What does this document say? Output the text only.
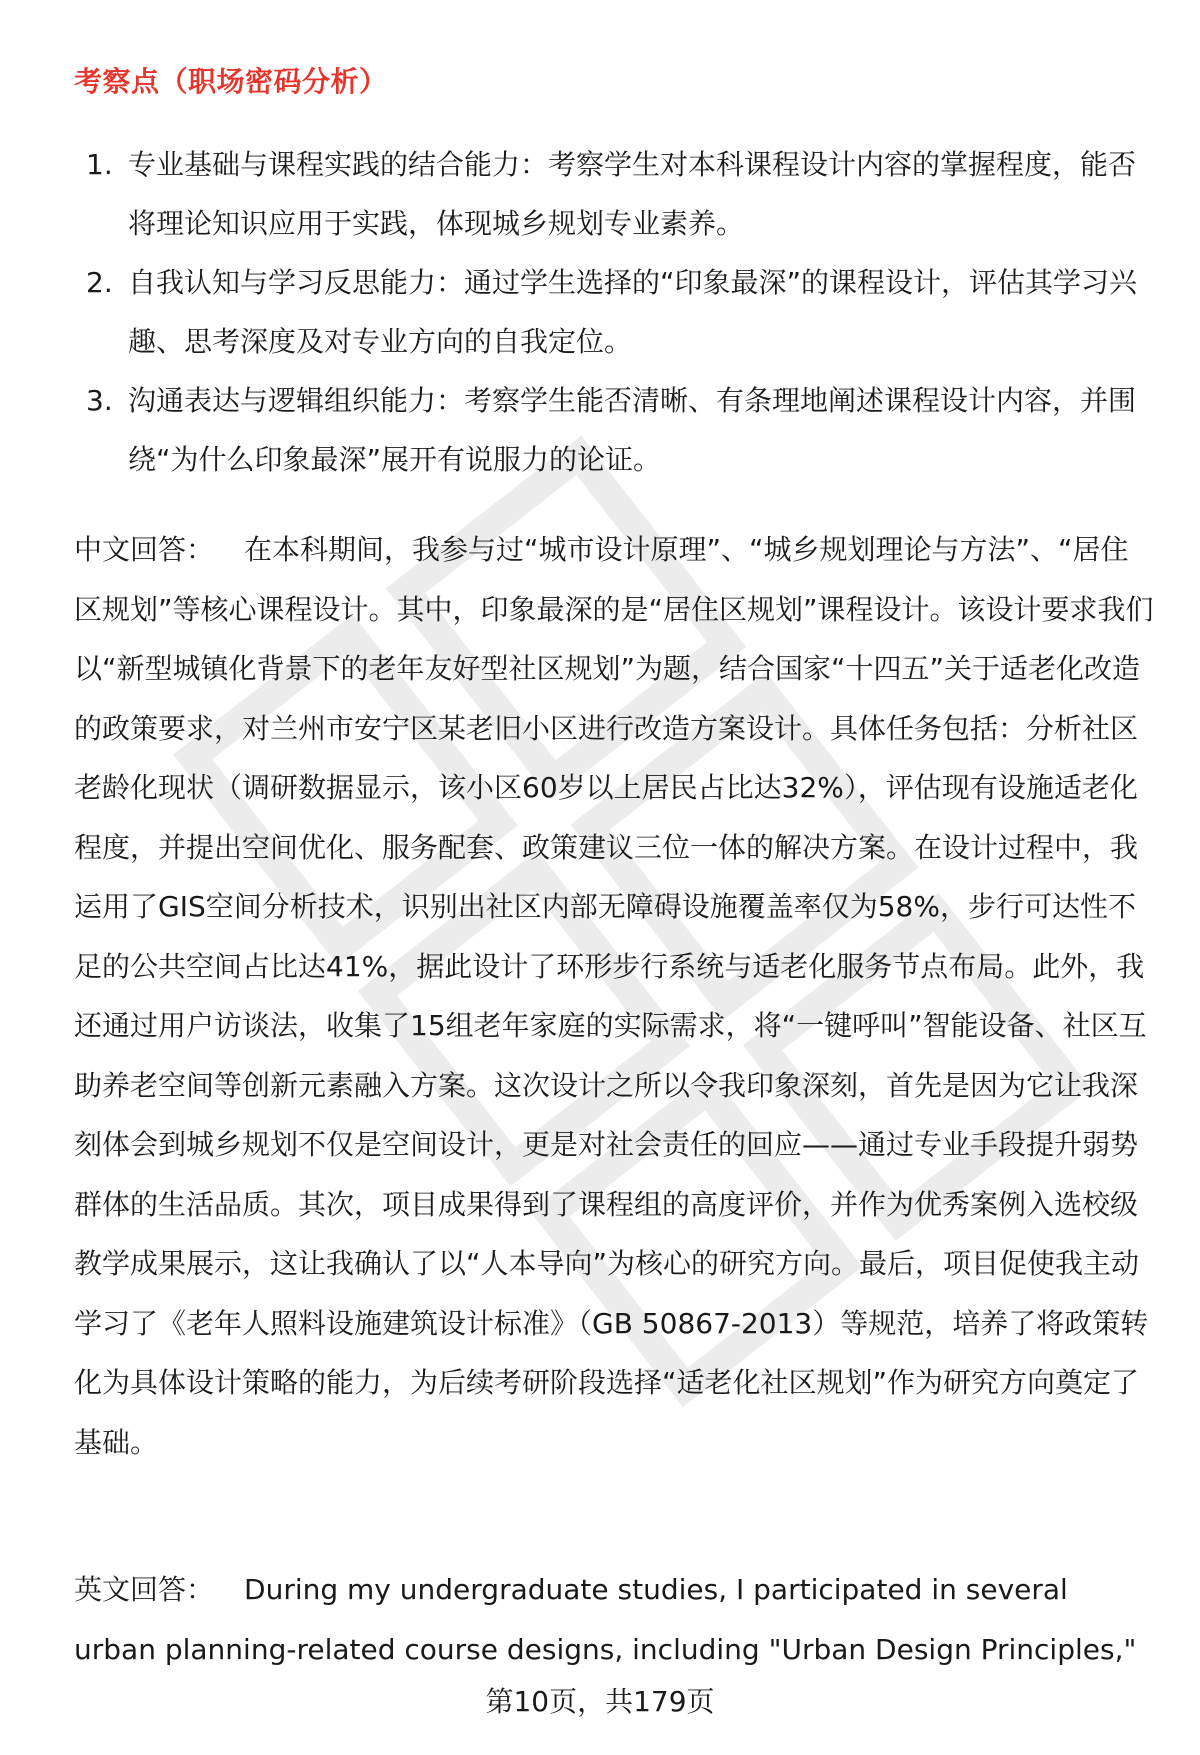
考察点（职场密码分析）
1. 专业基础与课程实践的结合能力：考察学生对本科课程设计内容的掌握程度，能否将理论知识应用于实践，体现城乡规划专业素养。
2. 自我认知与学习反思能力：通过学生选择的“印象最深”的课程设计，评估其学习兴趣、思考深度及对专业方向的自我定位。
3. 沟通表达与逻辑组织能力：考察学生能否清晰、有条理地阐述课程设计内容，并围绕“为什么印象最深”展开有说服力的论证。

中文回答： 在本科期间，我参与过“城市设计原理”、“城乡规划理论与方法”、“居住区规划”等核心课程设计。其中，印象最深的是“居住区规划”课程设计。该设计要求我们以“新型城镇化背景下的老年友好型社区规划”为题，结合国家“十四五”关于适老化改造的政策要求，对兰州市安宁区某老旧小区进行改造方案设计。具体任务包括：分析社区老龄化现状（调研数据显示，该小区60岁以上居民占比达32%），评估现有设施适老化程度，并提出空间优化、服务配套、政策建议三位一体的解决方案。在设计过程中，我运用了GIS空间分析技术，识别出社区内部无障碍设施覆盖率仅为58%，步行可达性不足的公共空间占比达41%，据此设计了环形步行系统与适老化服务节点布局。此外，我还通过用户访谈法，收集了15组老年家庭的实际需求，将“一键呼叫”智能设备、社区互助养老空间等创新元素融入方案。这次设计之所以令我印象深刻，首先是因为它让我深刻体会到城乡规划不仅是空间设计，更是对社会责任的回应——通过专业手段提升弱势群体的生活品质。其次，项目成果得到了课程组的高度评价，并作为优秀案例入选校级教学成果展示，这让我确认了以“人本导向”为核心的研究方向。最后，项目促使我主动学习了《老年人照料设施建筑设计标准》（GB 50867-2013）等规范，培养了将政策转化为具体设计策略的能力，为后续考研阶段选择“适老化社区规划”作为研究方向奠定了基础。

英文回答： During my undergraduate studies, I participated in several urban planning-related course designs, including "Urban Design Principles,"

第10页，共179页
